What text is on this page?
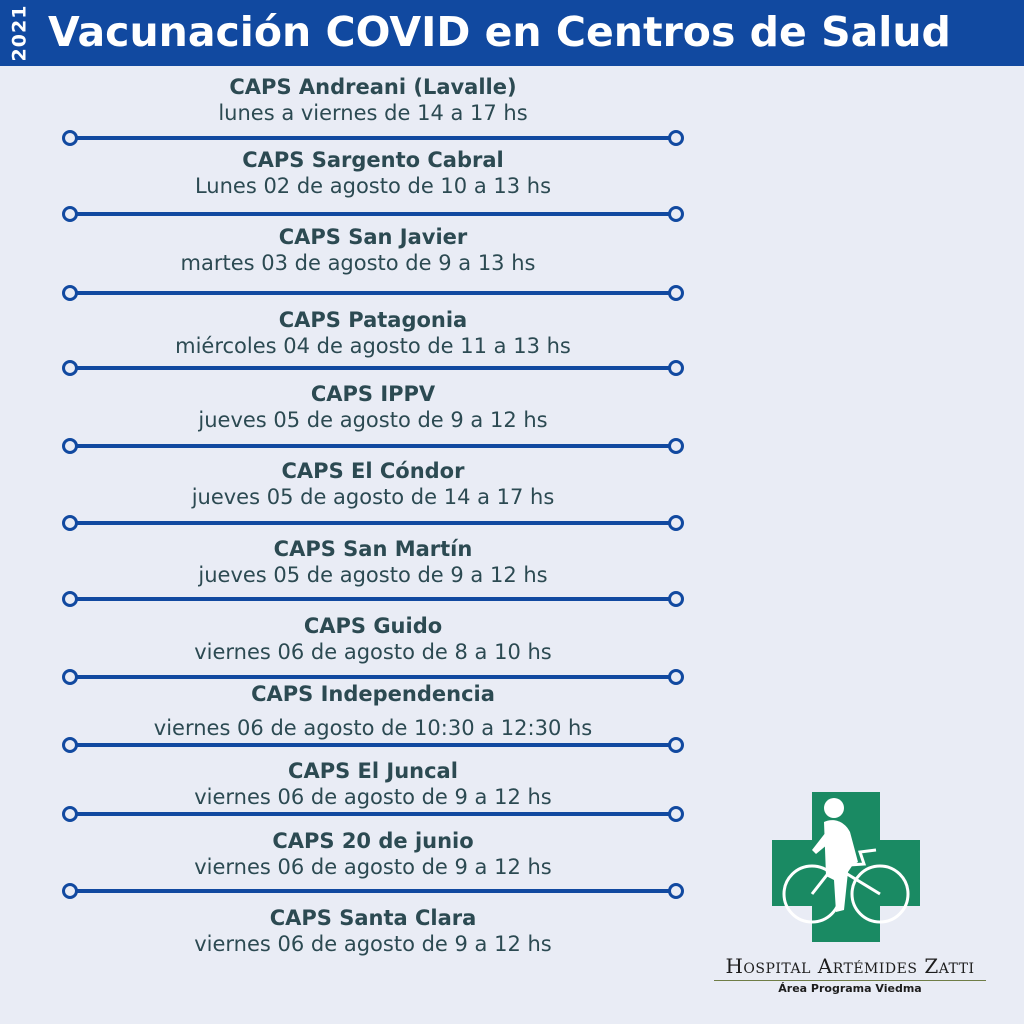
2021 Vacunación COVID en Centros de Salud
CAPS Andreani (Lavalle)
lunes a viernes de 14 a 17 hs
CAPS Sargento Cabral
Lunes 02 de agosto de 10 a 13 hs
CAPS San Javier
martes 03 de agosto de 9 a 13 hs
CAPS Patagonia
miércoles 04 de agosto de 11 a 13 hs
CAPS IPPV
jueves 05 de agosto de 9 a 12 hs
CAPS El Cóndor
jueves 05 de agosto de 14 a 17 hs
CAPS San Martín
jueves 05 de agosto de 9 a 12 hs
CAPS Guido
viernes 06 de agosto de 8 a 10 hs
CAPS Independencia
viernes 06 de agosto de 10:30 a 12:30 hs
CAPS El Juncal
viernes 06 de agosto de 9 a 12 hs
CAPS 20 de junio
viernes 06 de agosto de 9 a 12 hs
CAPS Santa Clara
viernes 06 de agosto de 9 a 12 hs
Hospital Artémides Zatti
Área Programa Viedma
